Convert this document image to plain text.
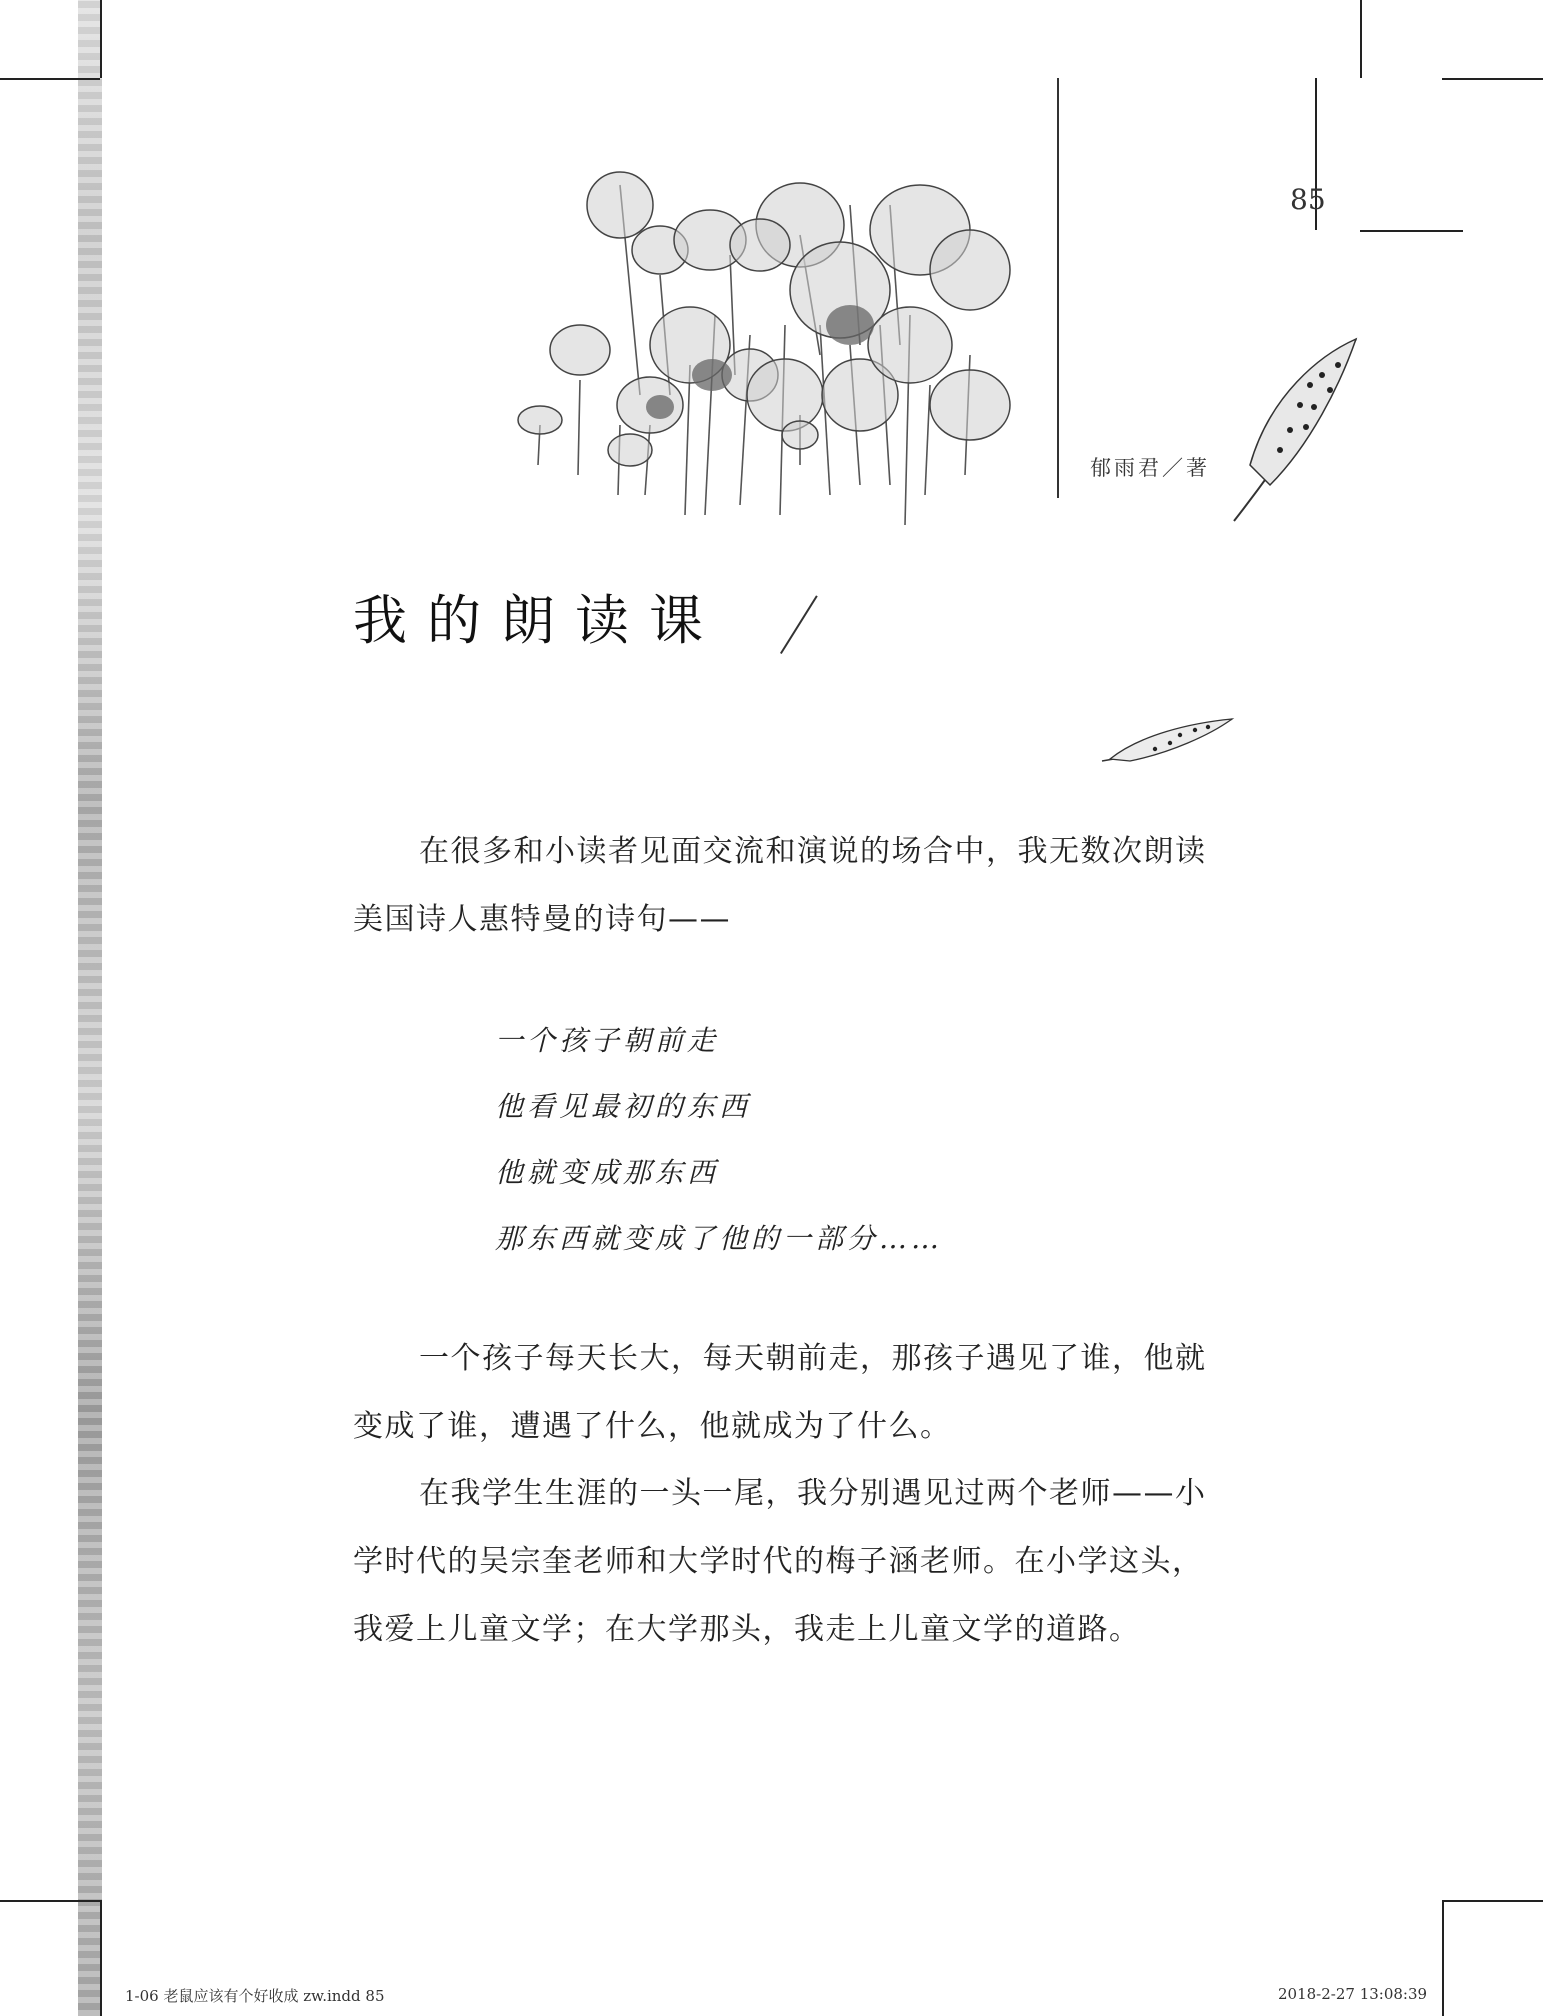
85
郁雨君／著
我的朗读课
在很多和小读者见面交流和演说的场合中，我无数次朗读美国诗人惠特曼的诗句——
一个孩子朝前走
他看见最初的东西
他就变成那东西
那东西就变成了他的一部分……
一个孩子每天长大，每天朝前走，那孩子遇见了谁，他就变成了谁，遭遇了什么，他就成为了什么。
在我学生生涯的一头一尾，我分别遇见过两个老师——小学时代的吴宗奎老师和大学时代的梅子涵老师。在小学这头，我爱上儿童文学；在大学那头，我走上儿童文学的道路。
1-06 老鼠应该有个好收成 zw.indd 85	2018-2-27 13:08:39
